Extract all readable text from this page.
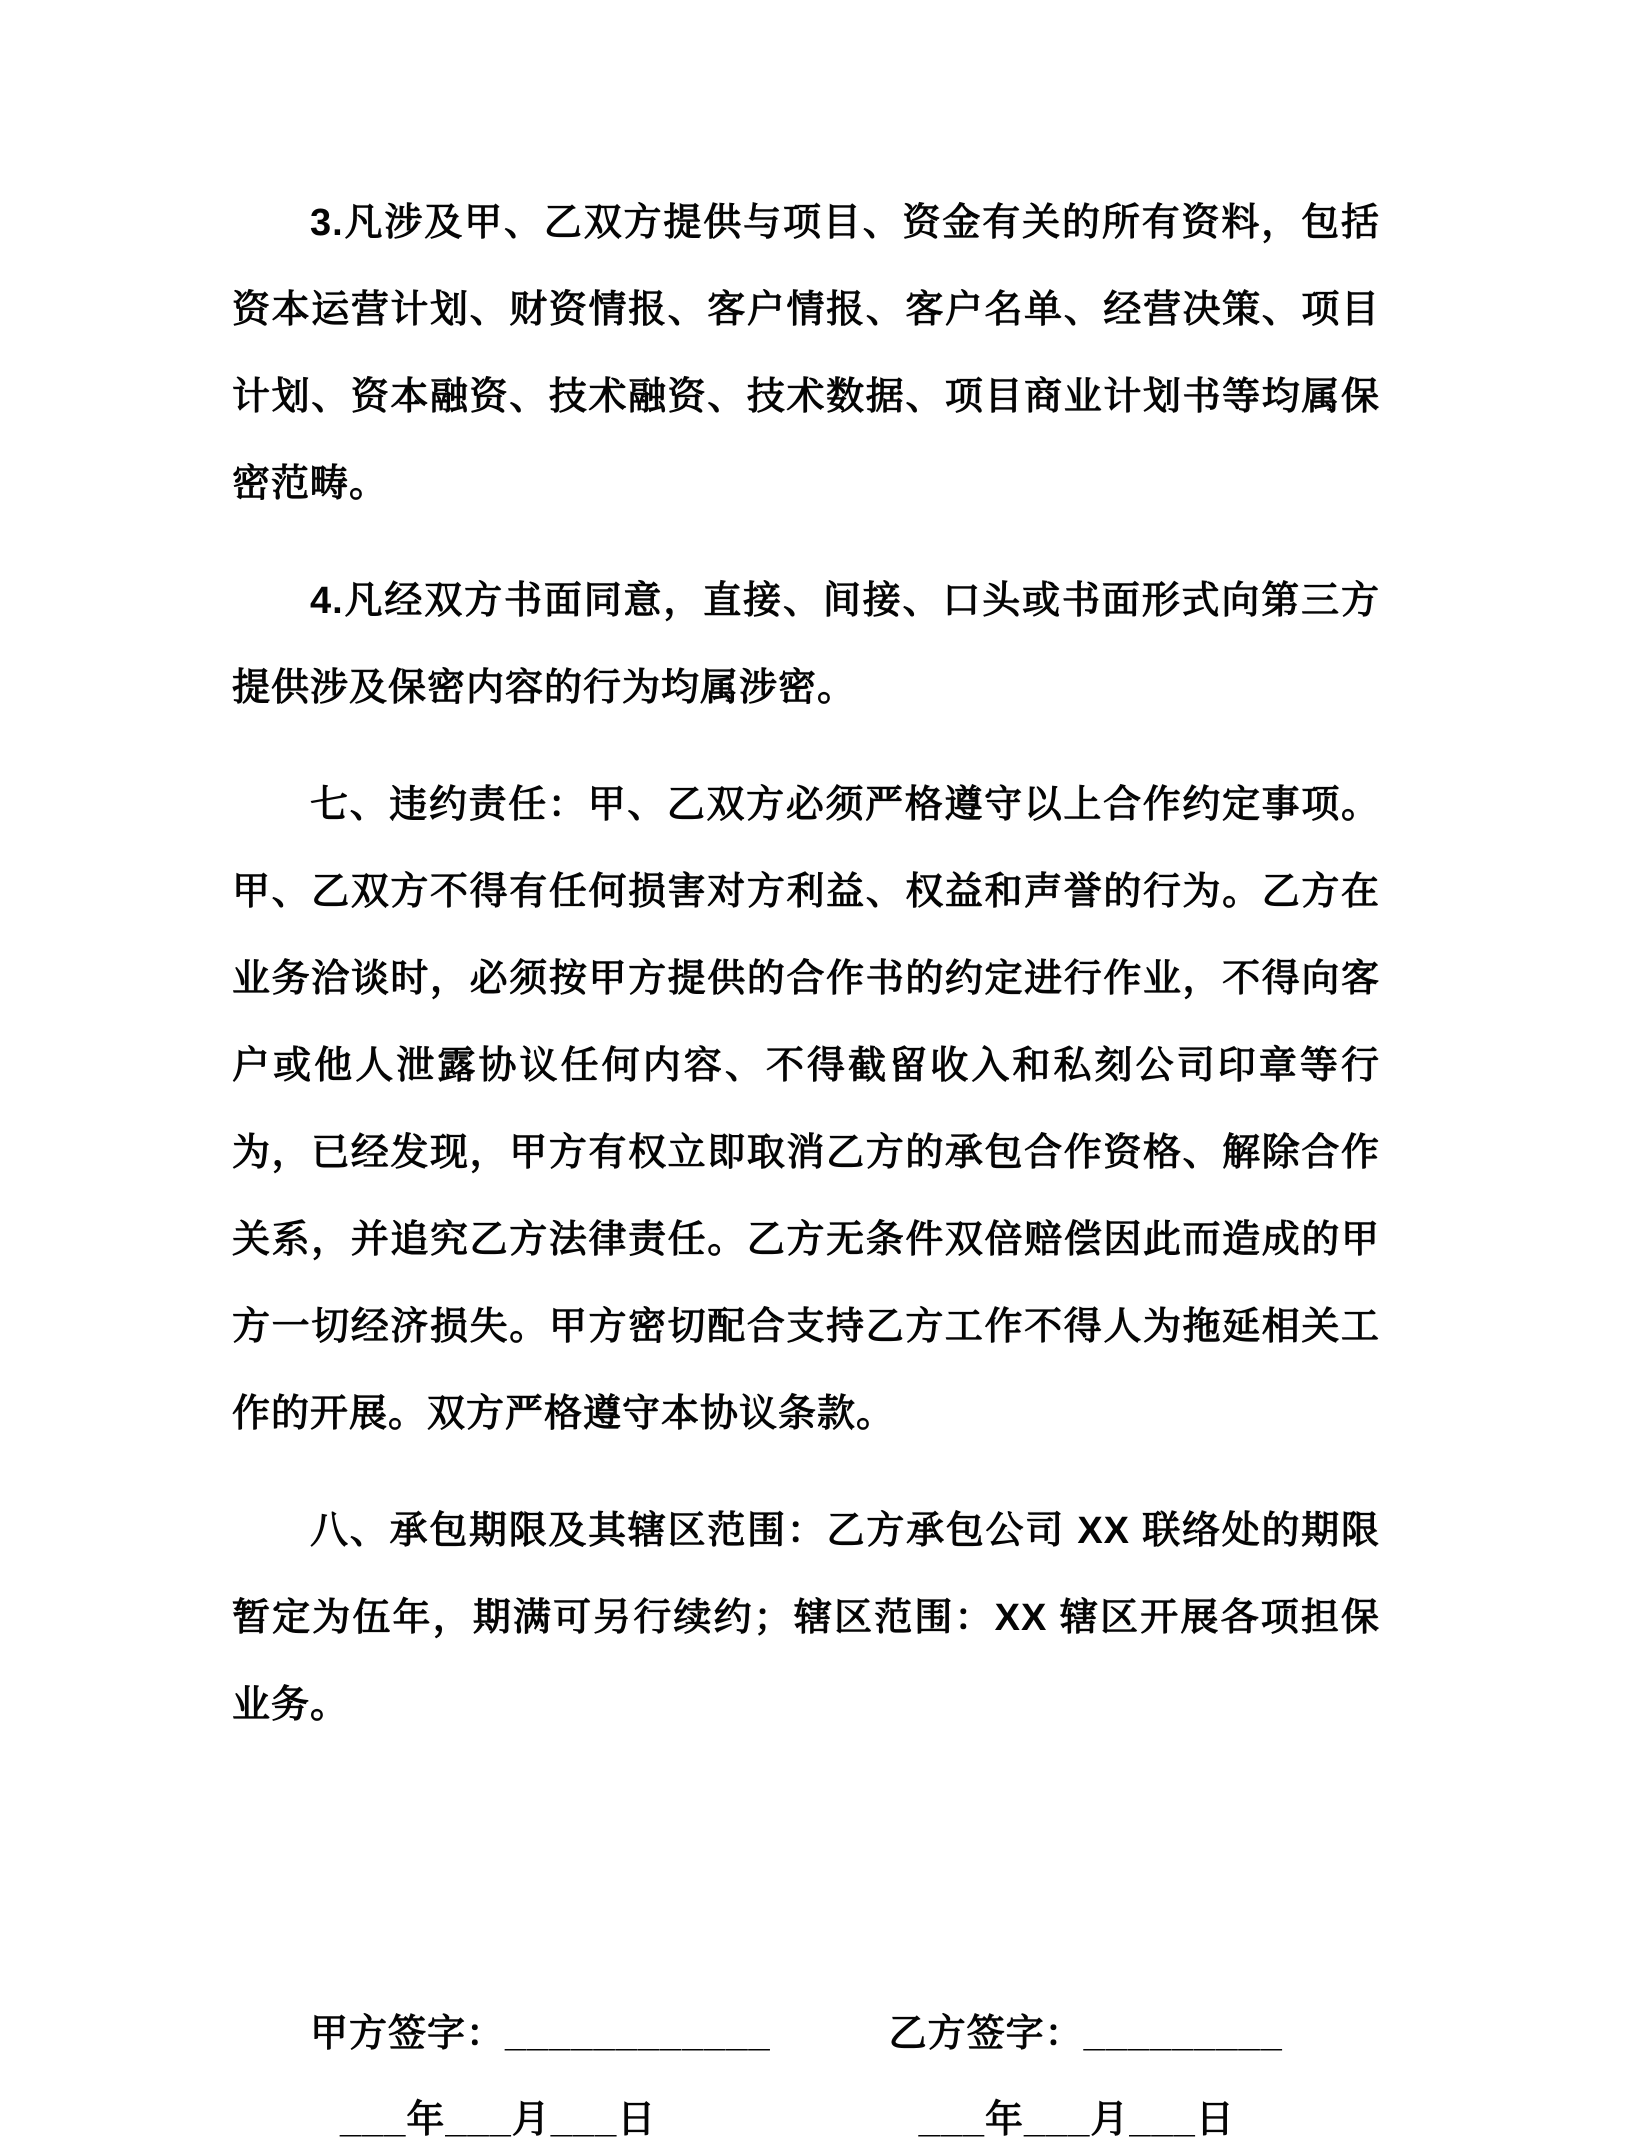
3.凡涉及甲、乙双方提供与项目、资金有关的所有资料，包括资本运营计划、财资情报、客户情报、客户名单、经营决策、项目计划、资本融资、技术融资、技术数据、项目商业计划书等均属保密范畴。

4.凡经双方书面同意，直接、间接、口头或书面形式向第三方提供涉及保密内容的行为均属涉密。

七、违约责任：甲、乙双方必须严格遵守以上合作约定事项。甲、乙双方不得有任何损害对方利益、权益和声誉的行为。乙方在业务洽谈时，必须按甲方提供的合作书的约定进行作业，不得向客户或他人泄露协议任何内容、不得截留收入和私刻公司印章等行为，已经发现，甲方有权立即取消乙方的承包合作资格、解除合作关系，并追究乙方法律责任。乙方无条件双倍赔偿因此而造成的甲方一切经济损失。甲方密切配合支持乙方工作不得人为拖延相关工作的开展。双方严格遵守本协议条款。

八、承包期限及其辖区范围：乙方承包公司 XX 联络处的期限暂定为伍年，期满可另行续约；辖区范围：XX 辖区开展各项担保业务。

甲方签字：____________
___年___月___日
乙方签字：_________
___年___月___日
